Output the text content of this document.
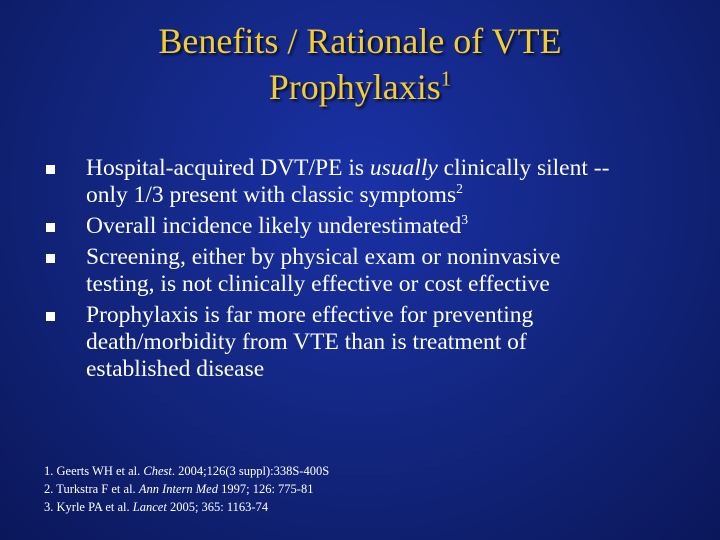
Benefits / Rationale of VTE
Prophylaxis$^1$
Hospital-acquired DVT/PE is usually clinically silent --
only 1/3 present with classic symptoms$^2$
Overall incidence likely underestimated$^3$
Screening, either by physical exam or noninvasive
testing, is not clinically effective or cost effective
Prophylaxis is far more effective for preventing
death/morbidity from VTE than is treatment of
established disease
1. Geerts WH et al. Chest. 2004;126(3 suppl):338S-400S
2. Turkstra F et al. Ann Intern Med 1997; 126: 775-81
3. Kyrle PA et al. Lancet 2005; 365: 1163-74
